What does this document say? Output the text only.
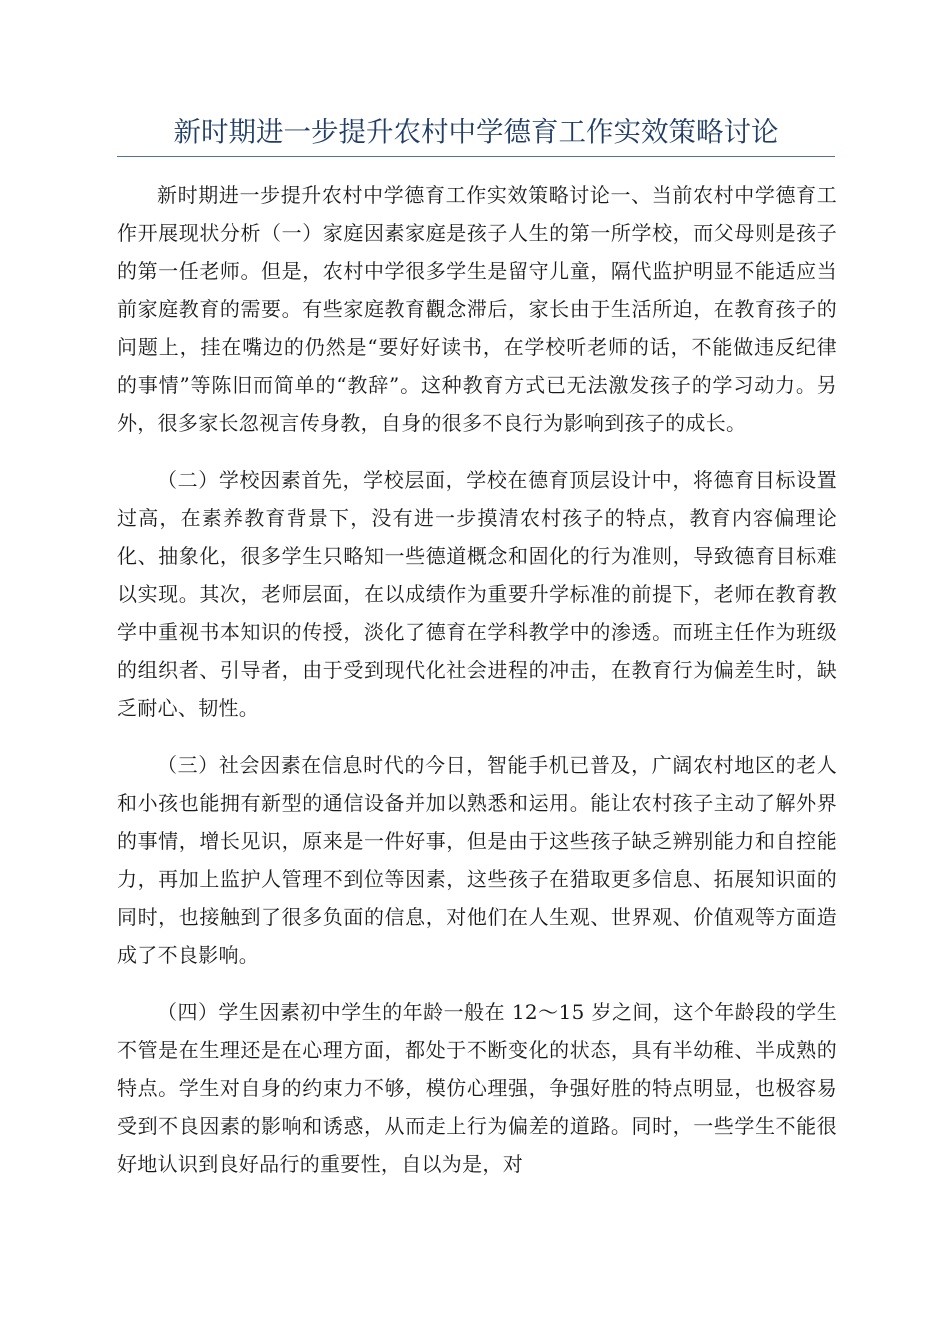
新时期进一步提升农村中学德育工作实效策略讨论

新时期进一步提升农村中学德育工作实效策略讨论一、当前农村中学德育工作开展现状分析（一）家庭因素家庭是孩子人生的第一所学校，而父母则是孩子的第一任老师。但是，农村中学很多学生是留守儿童，隔代监护明显不能适应当前家庭教育的需要。有些家庭教育觀念滞后，家长由于生活所迫，在教育孩子的问题上，挂在嘴边的仍然是“要好好读书，在学校听老师的话，不能做违反纪律的事情”等陈旧而简单的“教辞”。这种教育方式已无法激发孩子的学习动力。另外，很多家长忽视言传身教，自身的很多不良行为影响到孩子的成长。

（二）学校因素首先，学校层面，学校在德育顶层设计中，将德育目标设置过高，在素养教育背景下，没有进一步摸清农村孩子的特点，教育内容偏理论化、抽象化，很多学生只略知一些德道概念和固化的行为准则，导致德育目标难以实现。其次，老师层面，在以成绩作为重要升学标准的前提下，老师在教育教学中重视书本知识的传授，淡化了德育在学科教学中的渗透。而班主任作为班级的组织者、引导者，由于受到现代化社会进程的冲击，在教育行为偏差生时，缺乏耐心、韧性。

（三）社会因素在信息时代的今日，智能手机已普及，广阔农村地区的老人和小孩也能拥有新型的通信设备并加以熟悉和运用。能让农村孩子主动了解外界的事情，增长见识，原来是一件好事，但是由于这些孩子缺乏辨别能力和自控能力，再加上监护人管理不到位等因素，这些孩子在猎取更多信息、拓展知识面的同时，也接触到了很多负面的信息，对他们在人生观、世界观、价值观等方面造成了不良影响。

（四）学生因素初中学生的年龄一般在 12～15 岁之间，这个年龄段的学生不管是在生理还是在心理方面，都处于不断变化的状态，具有半幼稚、半成熟的特点。学生对自身的约束力不够，模仿心理强，争强好胜的特点明显，也极容易受到不良因素的影响和诱惑，从而走上行为偏差的道路。同时，一些学生不能很好地认识到良好品行的重要性，自以为是，对
